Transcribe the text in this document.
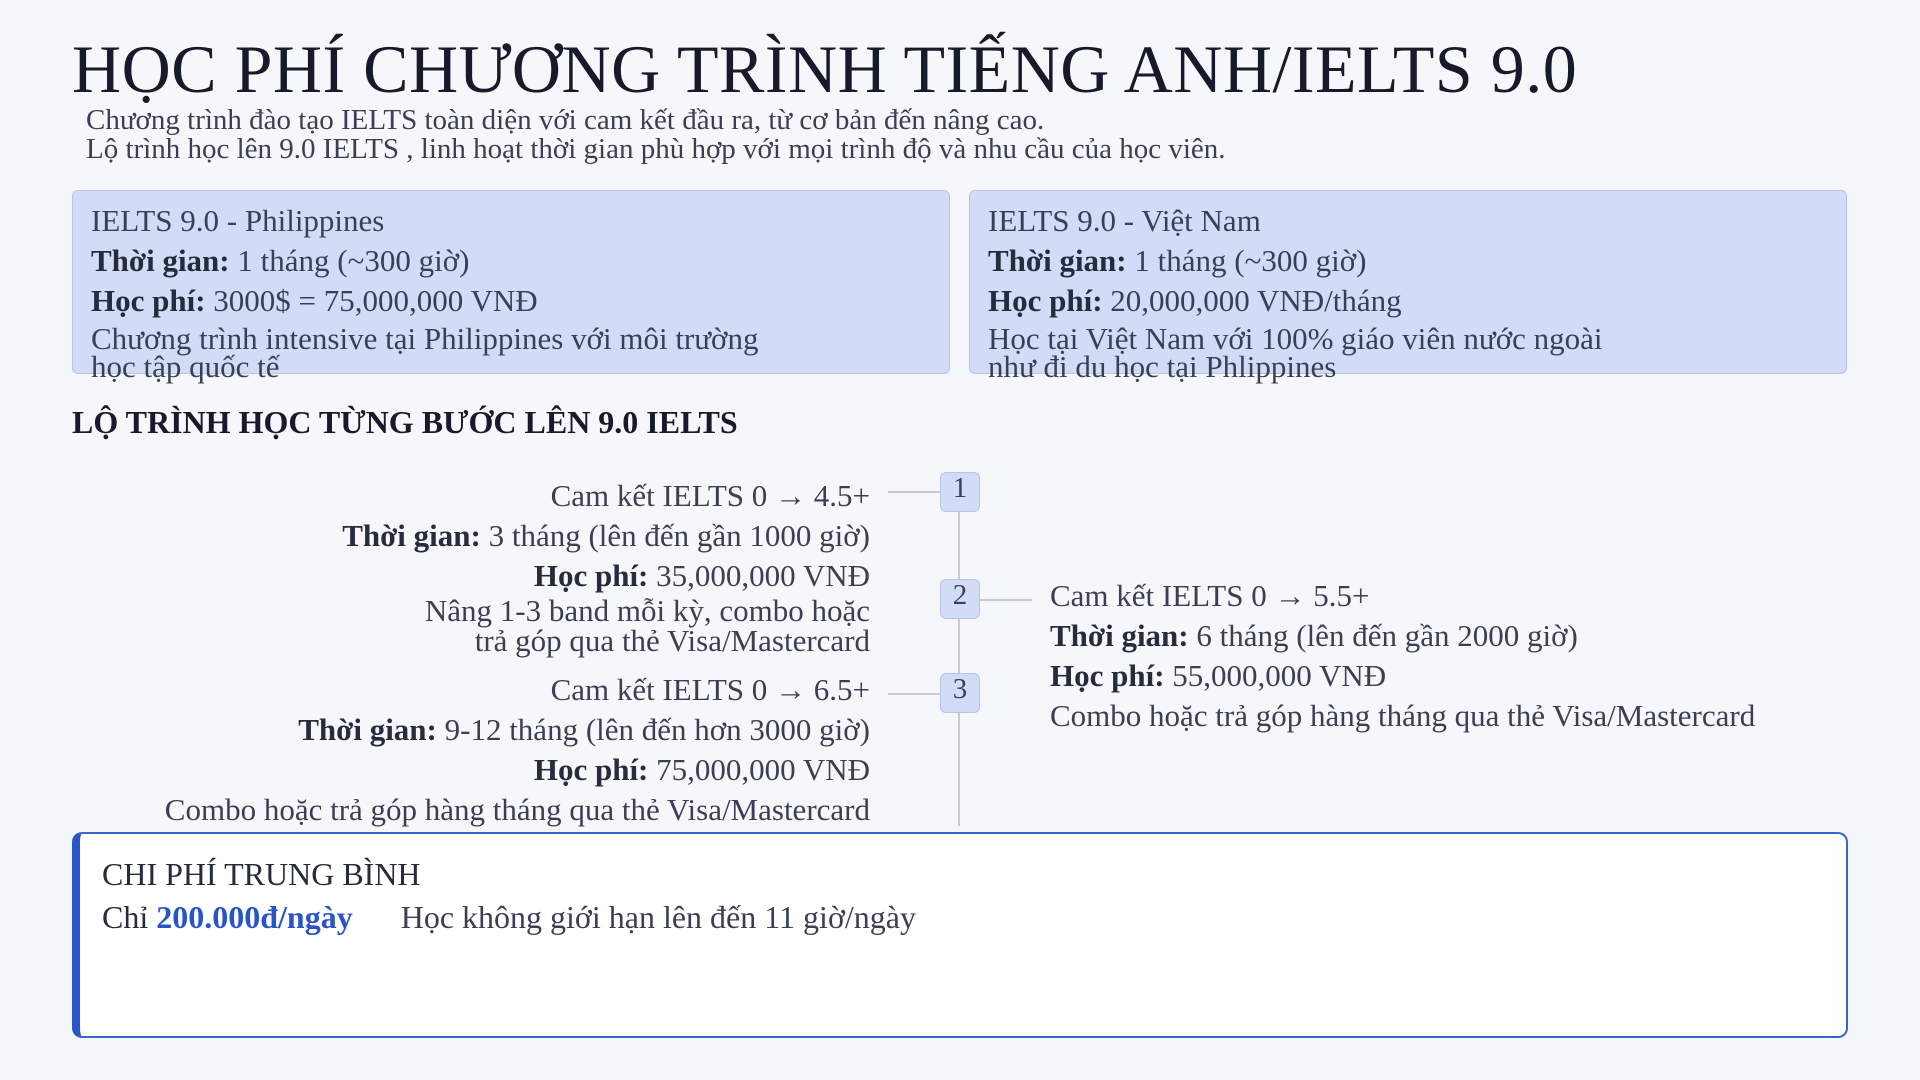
HỌC PHÍ CHƯƠNG TRÌNH TIẾNG ANH/IELTS 9.0
Chương trình đào tạo IELTS toàn diện với cam kết đầu ra, từ cơ bản đến nâng cao.
Lộ trình học lên 9.0 IELTS , linh hoạt thời gian phù hợp với mọi trình độ và nhu cầu của học viên.
IELTS 9.0 - Philippines
Thời gian: 1 tháng (~300 giờ)
Học phí: 3000$ = 75,000,000 VNĐ
Chương trình intensive tại Philippines với môi trường
học tập quốc tế
IELTS 9.0 - Việt Nam
Thời gian: 1 tháng (~300 giờ)
Học phí: 20,000,000 VNĐ/tháng
Học tại Việt Nam với 100% giáo viên nước ngoài
như đi du học tại Phlippines
LỘ TRÌNH HỌC TỪNG BƯỚC LÊN 9.0 IELTS
1
2
3
Cam kết IELTS 0 → 4.5+
Thời gian: 3 tháng (lên đến gần 1000 giờ)
Học phí: 35,000,000 VNĐ
Nâng 1-3 band mỗi kỳ, combo hoặc
trả góp qua thẻ Visa/Mastercard
Cam kết IELTS 0 → 5.5+
Thời gian: 6 tháng (lên đến gần 2000 giờ)
Học phí: 55,000,000 VNĐ
Combo hoặc trả góp hàng tháng qua thẻ Visa/Mastercard
Cam kết IELTS 0 → 6.5+
Thời gian: 9-12 tháng (lên đến hơn 3000 giờ)
Học phí: 75,000,000 VNĐ
Combo hoặc trả góp hàng tháng qua thẻ Visa/Mastercard
CHI PHÍ TRUNG BÌNH
Chỉ 200.000đ/ngày Học không giới hạn lên đến 11 giờ/ngày
